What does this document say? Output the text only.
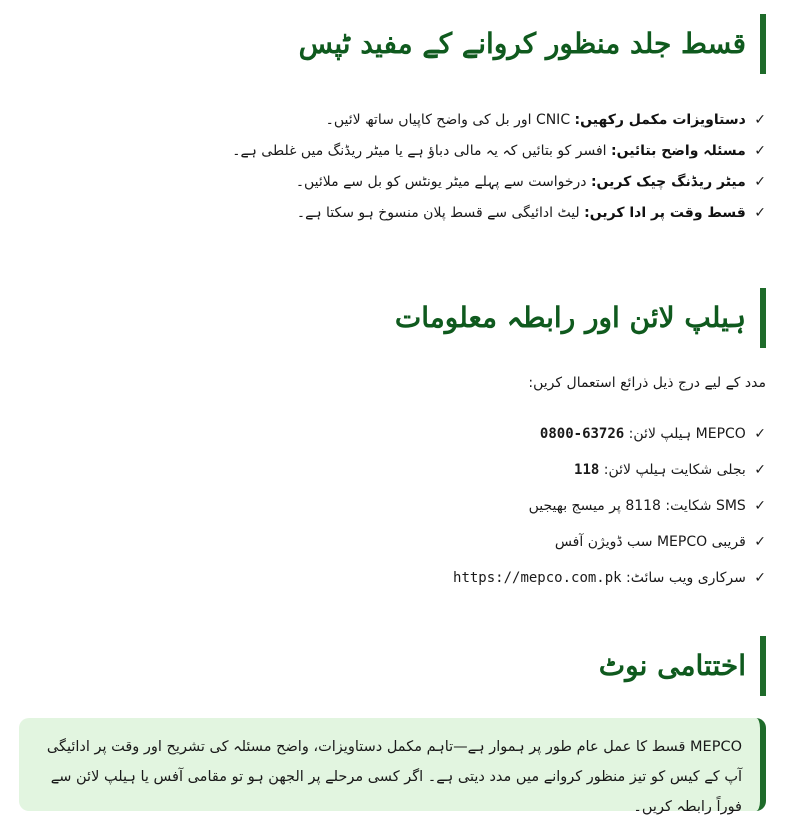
قسط جلد منظور کروانے کے مفید ٹپس
✓ دستاویزات مکمل رکھیں: CNIC اور بل کی واضح کاپیاں ساتھ لائیں۔
✓ مسئلہ واضح بتائیں: افسر کو بتائیں کہ یہ مالی دباؤ ہے یا میٹر ریڈنگ میں غلطی ہے۔
✓ میٹر ریڈنگ چیک کریں: درخواست سے پہلے میٹر یونٹس کو بل سے ملائیں۔
✓ قسط وقت پر ادا کریں: لیٹ ادائیگی سے قسط پلان منسوخ ہو سکتا ہے۔
ہیلپ لائن اور رابطہ معلومات

مدد کے لیے درج ذیل ذرائع استعمال کریں:

✓ MEPCO ہیلپ لائن: 0800-63726
✓ بجلی شکایت ہیلپ لائن: 118
✓ SMS شکایت: 8118 پر میسج بھیجیں
✓ قریبی MEPCO سب ڈویژن آفس
✓ سرکاری ویب سائٹ: https://mepco.com.pk
اختتامی نوٹ
MEPCO قسط کا عمل عام طور پر ہموار ہے—تاہم مکمل دستاویزات، واضح مسئلہ کی تشریح اور وقت پر ادائیگی آپ کے کیس کو تیز منظور کروانے میں مدد دیتی ہے۔ اگر کسی مرحلے پر الجھن ہو تو مقامی آفس یا ہیلپ لائن سے فوراً رابطہ کریں۔
